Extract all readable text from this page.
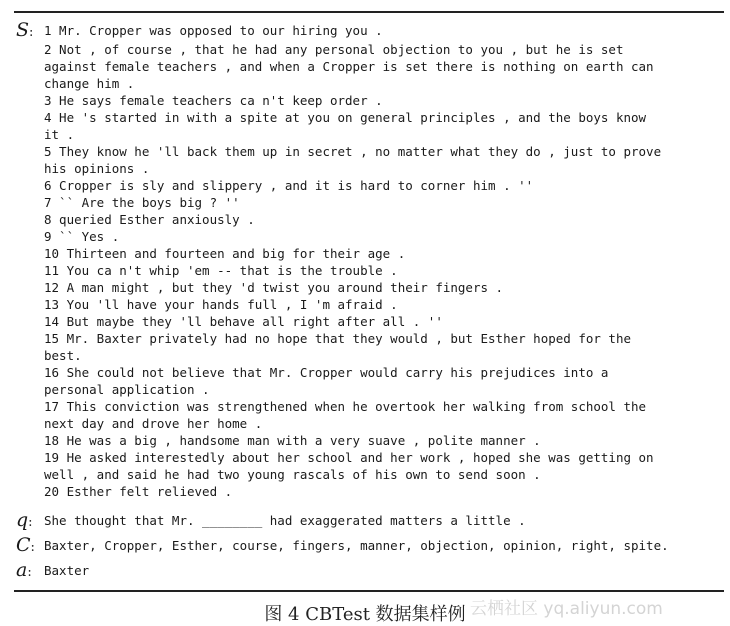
S: 1 Mr. Cropper was opposed to our hiring you .
2 Not , of course , that he had any personal objection to you , but he is set
against female teachers , and when a Cropper is set there is nothing on earth can
change him .
3 He says female teachers ca n't keep order .
4 He 's started in with a spite at you on general principles , and the boys know
it .
5 They know he 'll back them up in secret , no matter what they do , just to prove
his opinions .
6 Cropper is sly and slippery , and it is hard to corner him . ''
7 `` Are the boys big ? ''
8 queried Esther anxiously .
9 `` Yes .
10 Thirteen and fourteen and big for their age .
11 You ca n't whip 'em -- that is the trouble .
12 A man might , but they 'd twist you around their fingers .
13 You 'll have your hands full , I 'm afraid .
14 But maybe they 'll behave all right after all . ''
15 Mr. Baxter privately had no hope that they would , but Esther hoped for the
best.
16 She could not believe that Mr. Cropper would carry his prejudices into a
personal application .
17 This conviction was strengthened when he overtook her walking from school the
next day and drove her home .
18 He was a big , handsome man with a very suave , polite manner .
19 He asked interestedly about her school and her work , hoped she was getting on
well , and said he had two young rascals of his own to send soon .
20 Esther felt relieved .
q: She thought that Mr. ________ had exaggerated matters a little .
C: Baxter, Cropper, Esther, course, fingers, manner, objection, opinion, right, spite.
a: Baxter
图 4 CBTest 数据集样例 云栖社区 yq.aliyun.com
